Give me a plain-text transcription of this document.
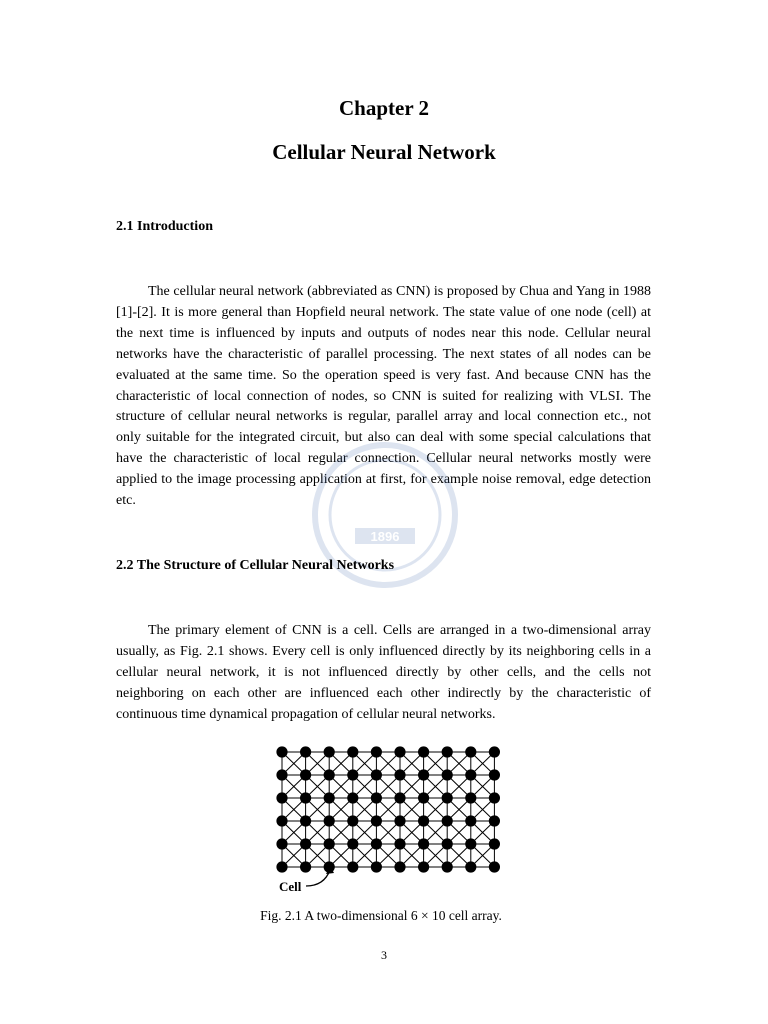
Chapter 2
Cellular Neural Network
2.1 Introduction

The cellular neural network (abbreviated as CNN) is proposed by Chua and Yang in 1988 [1]-[2]. It is more general than Hopfield neural network. The state value of one node (cell) at the next time is influenced by inputs and outputs of nodes near this node. Cellular neural networks have the characteristic of parallel processing. The next states of all nodes can be evaluated at the same time. So the operation speed is very fast. And because CNN has the characteristic of local connection of nodes, so CNN is suited for realizing with VLSI. The structure of cellular neural networks is regular, parallel array and local connection etc., not only suitable for the integrated circuit, but also can deal with some special calculations that have the characteristic of local regular connection. Cellular neural networks mostly were applied to the image processing application at first, for example noise removal, edge detection etc.

1896
2.2 The Structure of Cellular Neural Networks

The primary element of CNN is a cell. Cells are arranged in a two-dimensional array usually, as Fig. 2.1 shows. Every cell is only influenced directly by its neighboring cells in a cellular neural network, it is not influenced directly by other cells, and the cells not neighboring on each other are influenced each other indirectly by the characteristic of continuous time dynamical propagation of cellular neural networks.

Cell
Fig. 2.1 A two-dimensional 6 × 10 cell array.
3
